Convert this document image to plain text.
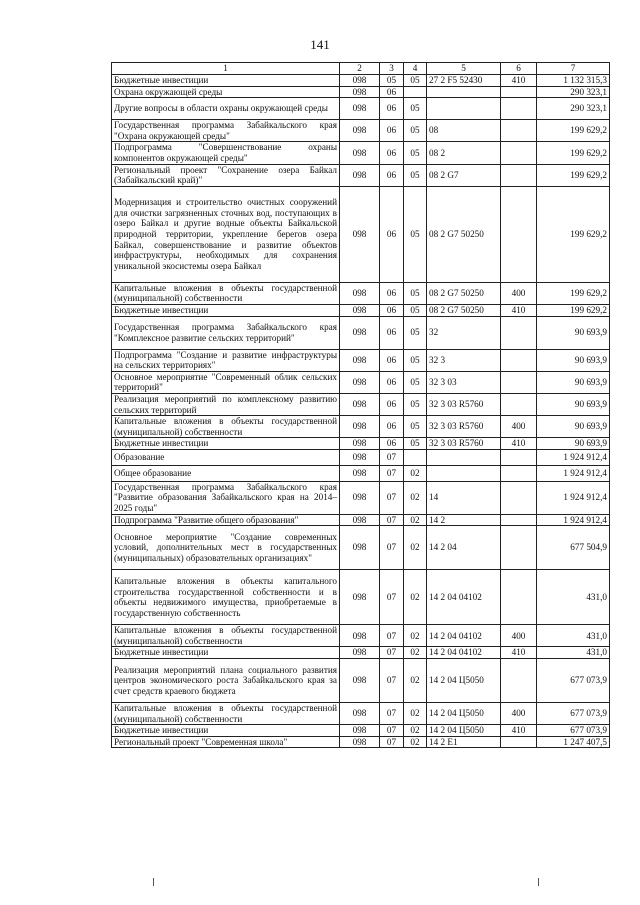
141
1	2	3	4	5	6	7
Бюджетные инвестиции	098	05	05	27 2 F5 52430	410	1 132 315,3
Охрана окружающей среды	098	06				290 323,1
Другие вопросы в области охраны окружающей среды	098	06	05			290 323,1
Государственная программа Забайкальского края "Охрана окружающей среды"	098	06	05	08		199 629,2
Подпрограмма "Совершенствование охраны компонентов окружающей среды"	098	06	05	08 2		199 629,2
Региональный проект "Сохранение озера Байкал (Забайкальский край)"	098	06	05	08 2 G7		199 629,2
Модернизация и строительство очистных сооружений для очистки загрязненных сточных вод, поступающих в озеро Байкал и другие водные объекты Байкальской природной территории, укрепление берегов озера Байкал, совершенствование и развитие объектов инфраструктуры, необходимых для сохранения уникальной экосистемы озера Байкал	098	06	05	08 2 G7 50250		199 629,2
Капитальные вложения в объекты государственной (муниципальной) собственности	098	06	05	08 2 G7 50250	400	199 629,2
Бюджетные инвестиции	098	06	05	08 2 G7 50250	410	199 629,2
Государственная программа Забайкальского края "Комплексное развитие сельских территорий"	098	06	05	32		90 693,9
Подпрограмма "Создание и развитие инфраструктуры на сельских территориях"	098	06	05	32 3		90 693,9
Основное мероприятие "Современный облик сельских территорий"	098	06	05	32 3 03		90 693,9
Реализация мероприятий по комплексному развитию сельских территорий	098	06	05	32 3 03 R5760		90 693,9
Капитальные вложения в объекты государственной (муниципальной) собственности	098	06	05	32 3 03 R5760	400	90 693,9
Бюджетные инвестиции	098	06	05	32 3 03 R5760	410	90 693,9
Образование	098	07				1 924 912,4
Общее образование	098	07	02			1 924 912,4
Государственная программа Забайкальского края "Развитие образования Забайкальского края на 2014–2025 годы"	098	07	02	14		1 924 912,4
Подпрограмма "Развитие общего образования"	098	07	02	14 2		1 924 912,4
Основное мероприятие "Создание современных условий, дополнительных мест в государственных (муниципальных) образовательных организациях"	098	07	02	14 2 04		677 504,9
Капитальные вложения в объекты капитального строительства государственной собственности и в объекты недвижимого имущества, приобретаемые в государственную собственность	098	07	02	14 2 04 04102		431,0
Капитальные вложения в объекты государственной (муниципальной) собственности	098	07	02	14 2 04 04102	400	431,0
Бюджетные инвестиции	098	07	02	14 2 04 04102	410	431,0
Реализация мероприятий плана социального развития центров экономического роста Забайкальского края за счет средств краевого бюджета	098	07	02	14 2 04 Ц5050		677 073,9
Капитальные вложения в объекты государственной (муниципальной) собственности	098	07	02	14 2 04 Ц5050	400	677 073,9
Бюджетные инвестиции	098	07	02	14 2 04 Ц5050	410	677 073,9
Региональный проект "Современная школа"	098	07	02	14 2 E1		1 247 407,5
